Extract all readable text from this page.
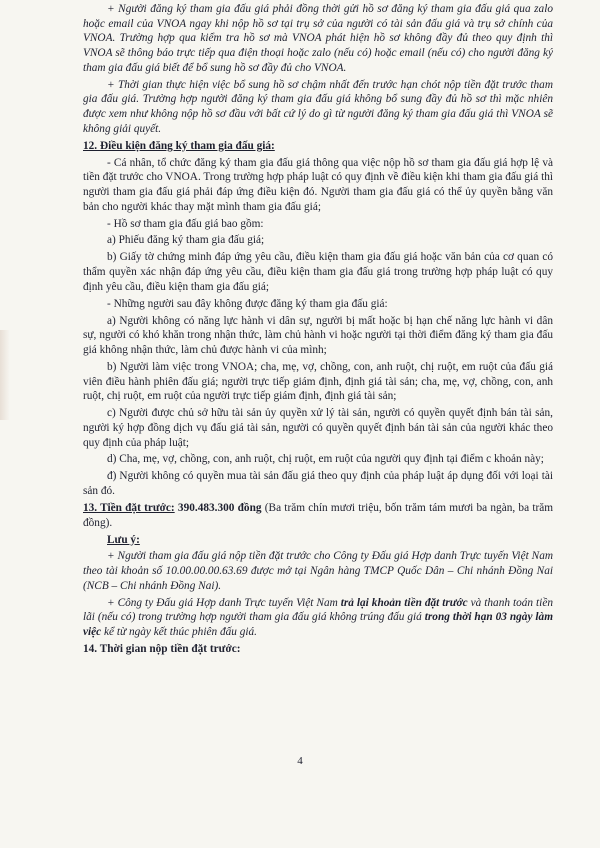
+ Người đăng ký tham gia đấu giá phải đồng thời gửi hồ sơ đăng ký tham gia đấu giá qua zalo hoặc email của VNOA ngay khi nộp hồ sơ tại trụ sở của người có tài sản đấu giá và trụ sở chính của VNOA. Trường hợp qua kiểm tra hồ sơ mà VNOA phát hiện hồ sơ không đầy đủ theo quy định thì VNOA sẽ thông báo trực tiếp qua điện thoại hoặc zalo (nếu có) hoặc email (nếu có) cho người đăng ký tham gia đấu giá biết để bổ sung hồ sơ đầy đủ cho VNOA.

+ Thời gian thực hiện việc bổ sung hồ sơ chậm nhất đến trước hạn chót nộp tiền đặt trước tham gia đấu giá. Trường hợp người đăng ký tham gia đấu giá không bổ sung đầy đủ hồ sơ thì mặc nhiên được xem như không nộp hồ sơ đầu với bất cứ lý do gì từ người đăng ký tham gia đấu giá thì VNOA sẽ không giải quyết.

12. Điều kiện đăng ký tham gia đấu giá:

- Cá nhân, tổ chức đăng ký tham gia đấu giá thông qua việc nộp hồ sơ tham gia đấu giá hợp lệ và tiền đặt trước cho VNOA. Trong trường hợp pháp luật có quy định về điều kiện khi tham gia đấu giá thì người tham gia đấu giá phải đáp ứng điều kiện đó. Người tham gia đấu giá có thể ủy quyền bằng văn bản cho người khác thay mặt mình tham gia đấu giá;

- Hồ sơ tham gia đấu giá bao gồm:

a) Phiếu đăng ký tham gia đấu giá;

b) Giấy tờ chứng minh đáp ứng yêu cầu, điều kiện tham gia đấu giá hoặc văn bản của cơ quan có thẩm quyền xác nhận đáp ứng yêu cầu, điều kiện tham gia đấu giá trong trường hợp pháp luật có quy định yêu cầu, điều kiện tham gia đấu giá;

- Những người sau đây không được đăng ký tham gia đấu giá:

a) Người không có năng lực hành vi dân sự, người bị mất hoặc bị hạn chế năng lực hành vi dân sự, người có khó khăn trong nhận thức, làm chủ hành vi hoặc người tại thời điểm đăng ký tham gia đấu giá không nhận thức, làm chủ được hành vi của mình;

b) Người làm việc trong VNOA; cha, mẹ, vợ, chồng, con, anh ruột, chị ruột, em ruột của đấu giá viên điều hành phiên đấu giá; người trực tiếp giám định, định giá tài sản; cha, mẹ, vợ, chồng, con, anh ruột, chị ruột, em ruột của người trực tiếp giám định, định giá tài sản;

c) Người được chủ sở hữu tài sản ủy quyền xử lý tài sản, người có quyền quyết định bán tài sản, người ký hợp đồng dịch vụ đấu giá tài sản, người có quyền quyết định bán tài sản của người khác theo quy định của pháp luật;

d) Cha, mẹ, vợ, chồng, con, anh ruột, chị ruột, em ruột của người quy định tại điểm c khoản này;

đ) Người không có quyền mua tài sản đấu giá theo quy định của pháp luật áp dụng đối với loại tài sản đó.

13. Tiền đặt trước: 390.483.300 đồng (Ba trăm chín mươi triệu, bốn trăm tám mươi ba ngàn, ba trăm đồng).

Lưu ý:

+ Người tham gia đấu giá nộp tiền đặt trước cho Công ty Đấu giá Hợp danh Trực tuyến Việt Nam theo tài khoản số 10.00.00.00.63.69 được mở tại Ngân hàng TMCP Quốc Dân – Chi nhánh Đồng Nai (NCB – Chi nhánh Đồng Nai).

+ Công ty Đấu giá Hợp danh Trực tuyến Việt Nam trả lại khoản tiền đặt trước và thanh toán tiền lãi (nếu có) trong trường hợp người tham gia đấu giá không trúng đấu giá trong thời hạn 03 ngày làm việc kể từ ngày kết thúc phiên đấu giá.

14. Thời gian nộp tiền đặt trước:

4
